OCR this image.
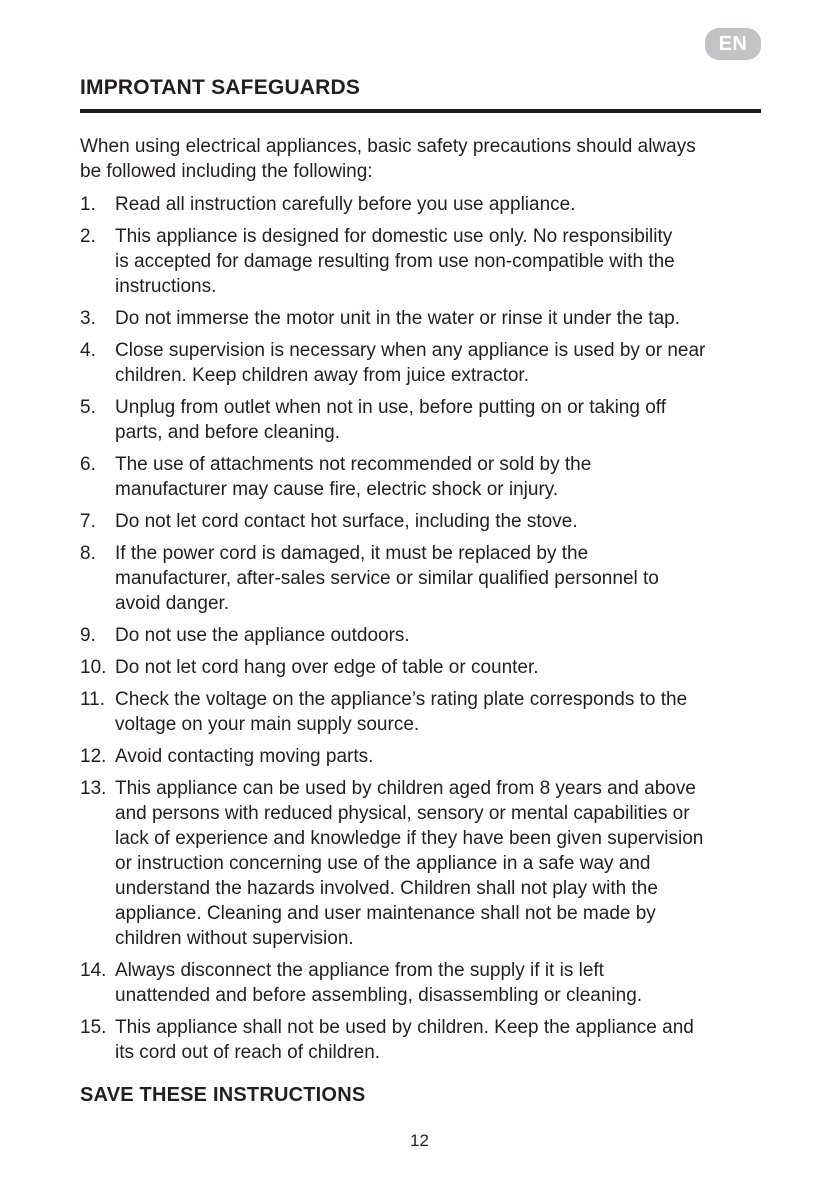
EN
IMPROTANT SAFEGUARDS

When using electrical appliances, basic safety precautions should always
be followed including the following:

1.	Read all instruction carefully before you use appliance.
2.	This appliance is designed for domestic use only. No responsibility
is accepted for damage resulting from use non-compatible with the
instructions.
3.	Do not immerse the motor unit in the water or rinse it under the tap.
4.	Close supervision is necessary when any appliance is used by or near
children. Keep children away from juice extractor.
5.	Unplug from outlet when not in use, before putting on or taking off
parts, and before cleaning.
6.	The use of attachments not recommended or sold by the
manufacturer may cause fire, electric shock or injury.
7.	Do not let cord contact hot surface, including the stove.
8.	If the power cord is damaged, it must be replaced by the
manufacturer, after-sales service or similar qualified personnel to
avoid danger.
9.	Do not use the appliance outdoors.
10. Do not let cord hang over edge of table or counter.
11. Check the voltage on the appliance’s rating plate corresponds to the
voltage on your main supply source.
12. Avoid contacting moving parts.
13. This appliance can be used by children aged from 8 years and above
and persons with reduced physical, sensory or mental capabilities or
lack of experience and knowledge if they have been given supervision
or instruction concerning use of the appliance in a safe way and
understand the hazards involved. Children shall not play with the
appliance. Cleaning and user maintenance shall not be made by
children without supervision.
14. Always disconnect the appliance from the supply if it is left
unattended and before assembling, disassembling or cleaning.
15. This appliance shall not be used by children. Keep the appliance and
its cord out of reach of children.

SAVE THESE INSTRUCTIONS

12
